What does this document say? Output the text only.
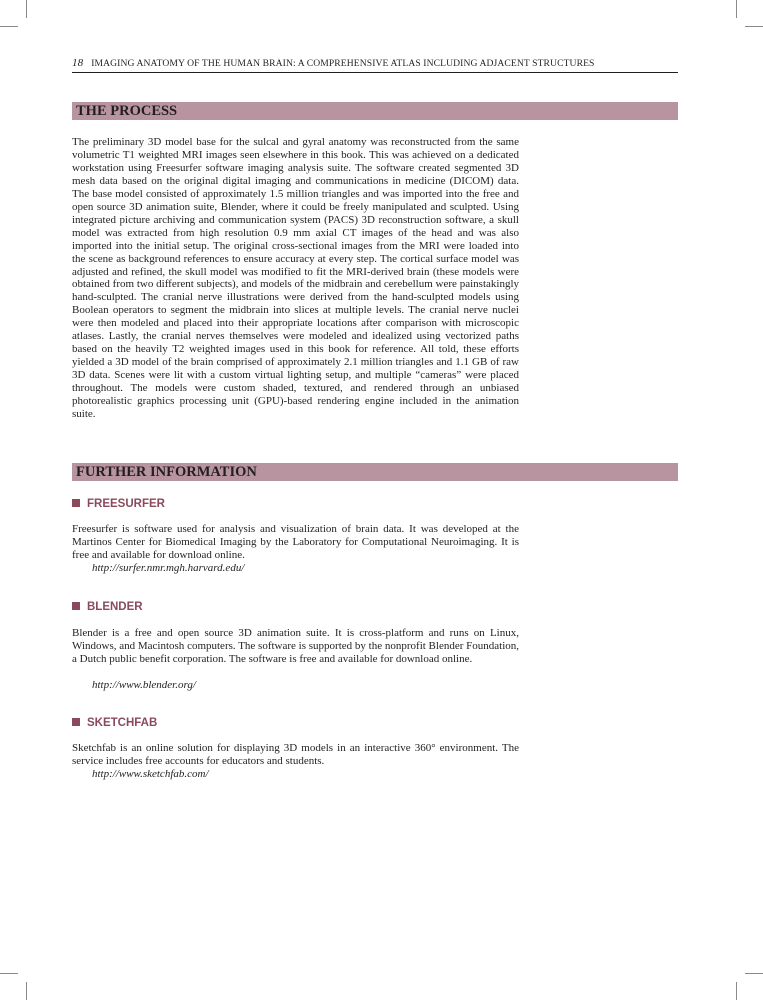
18 IMAGING ANATOMY OF THE HUMAN BRAIN: A COMPREHENSIVE ATLAS INCLUDING ADJACENT STRUCTURES
THE PROCESS

The preliminary 3D model base for the sulcal and gyral anatomy was reconstructed from the same volumetric T1 weighted MRI images seen elsewhere in this book. This was achieved on a dedicated workstation using Freesurfer software imaging analysis suite. The software created segmented 3D mesh data based on the original digital imaging and communications in medicine (DICOM) data. The base model consisted of approximately 1.5 million triangles and was imported into the free and open source 3D animation suite, Blender, where it could be freely manipulated and sculpted. Using integrated picture archiving and communication system (PACS) 3D reconstruction software, a skull model was extracted from high resolution 0.9 mm axial CT images of the head and was also imported into the initial setup. The original cross-sectional images from the MRI were loaded into the scene as background references to ensure accuracy at every step. The cortical surface model was adjusted and refined, the skull model was modified to fit the MRI-derived brain (these models were obtained from two different subjects), and models of the midbrain and cerebellum were painstakingly hand-sculpted. The cranial nerve illustrations were derived from the hand-sculpted models using Boolean operators to segment the midbrain into slices at multiple levels. The cranial nerve nuclei were then modeled and placed into their appropriate locations after comparison with microscopic atlases. Lastly, the cranial nerves themselves were modeled and idealized using vectorized paths based on the heavily T2 weighted images used in this book for reference. All told, these efforts yielded a 3D model of the brain comprised of approximately 2.1 million triangles and 1.1 GB of raw 3D data. Scenes were lit with a custom virtual lighting setup, and multiple “cameras” were placed throughout. The models were custom shaded, textured, and rendered through an unbiased photorealistic graphics processing unit (GPU)-based rendering engine included in the animation suite.

FURTHER INFORMATION
FREESURFER

Freesurfer is software used for analysis and visualization of brain data. It was developed at the Martinos Center for Biomedical Imaging by the Laboratory for Computational Neuroimaging. It is free and available for download online.

http://surfer.nmr.mgh.harvard.edu/
BLENDER

Blender is a free and open source 3D animation suite. It is cross-platform and runs on Linux, Windows, and Macintosh computers. The software is supported by the nonprofit Blender Foundation, a Dutch public benefit corporation. The software is free and available for download online.

http://www.blender.org/
SKETCHFAB

Sketchfab is an online solution for displaying 3D models in an interactive 360° environment. The service includes free accounts for educators and students.

http://www.sketchfab.com/
